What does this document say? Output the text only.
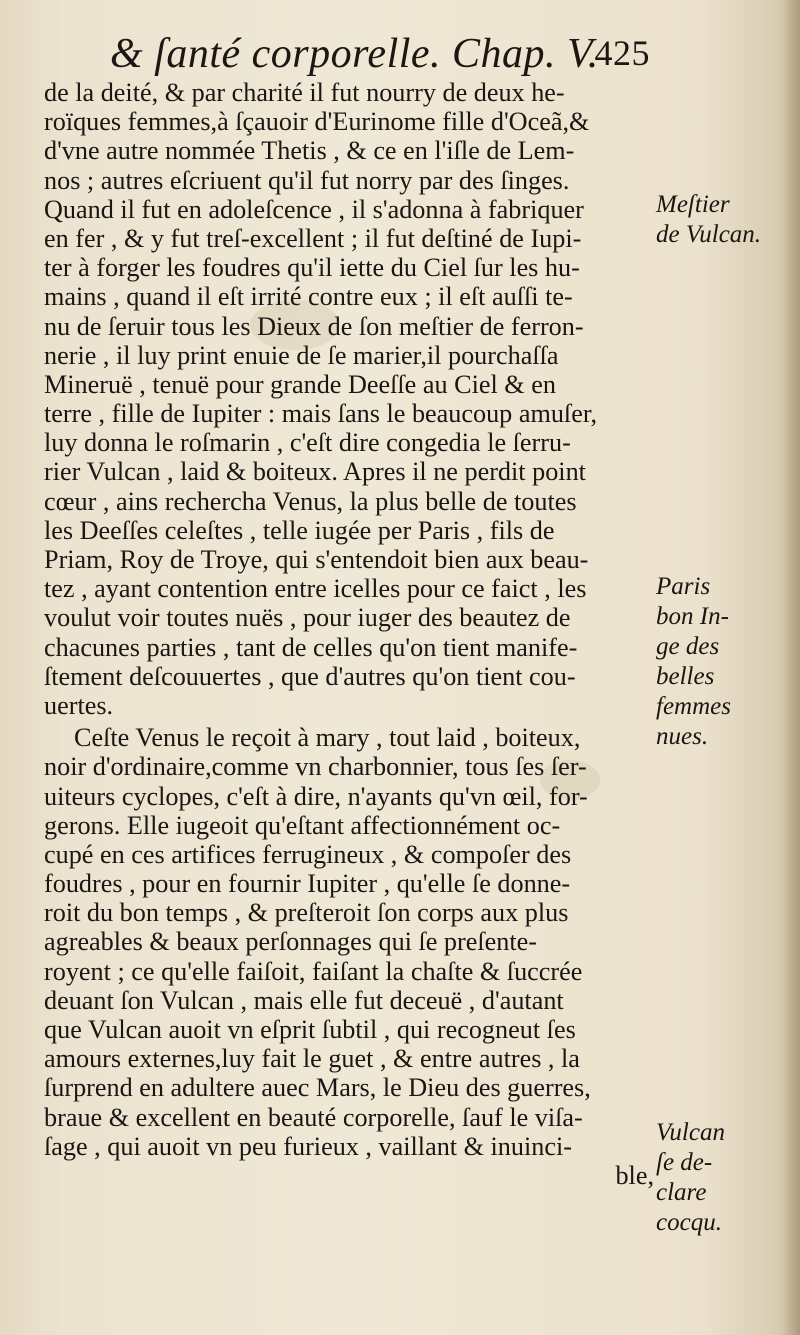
& ſanté corporelle. Chap. V.
425
de la deité, & par charité il fut nourry de deux he-
roïques femmes,à ſçauoir d'Eurinome fille d'Oceã,&
d'vne autre nommée Thetis , & ce en l'iſle de Lem-
nos ; autres eſcriuent qu'il fut norry par des ſinges.
Quand il fut en adoleſcence , il s'adonna à fabriquer
en fer , & y fut treſ-excellent ; il fut deſtiné de Iupi-
ter à forger les foudres qu'il iette du Ciel ſur les hu-
mains , quand il eſt irrité contre eux ; il eſt auſſi te-
nu de ſeruir tous les Dieux de ſon meſtier de ferron-
nerie , il luy print enuie de ſe marier,il pourchaſſa
Mineruë , tenuë pour grande Deeſſe au Ciel & en
terre , fille de Iupiter : mais ſans le beaucoup amuſer,
luy donna le roſmarin , c'eſt dire congedia le ſerru-
rier Vulcan , laid & boiteux. Apres il ne perdit point
cœur , ains rechercha Venus, la plus belle de toutes
les Deeſſes celeſtes , telle iugée per Paris , fils de
Priam, Roy de Troye, qui s'entendoit bien aux beau-
tez , ayant contention entre icelles pour ce faict , les
voulut voir toutes nuës , pour iuger des beautez de
chacunes parties , tant de celles qu'on tient manife-
ſtement deſcouuertes , que d'autres qu'on tient cou-
uertes.
Ceſte Venus le reçoit à mary , tout laid , boiteux,
noir d'ordinaire,comme vn charbonnier, tous ſes ſer-
uiteurs cyclopes, c'eſt à dire, n'ayants qu'vn œil, for-
gerons. Elle iugeoit qu'eſtant affectionnément oc-
cupé en ces artifices ferrugineux , & compoſer des
foudres , pour en fournir Iupiter , qu'elle ſe donne-
roit du bon temps , & preſteroit ſon corps aux plus
agreables & beaux perſonnages qui ſe preſente-
royent ; ce qu'elle faiſoit, faiſant la chaſte & ſuccrée
deuant ſon Vulcan , mais elle fut deceuë , d'autant
que Vulcan auoit vn eſprit ſubtil , qui recogneut ſes
amours externes,luy fait le guet , & entre autres , la
ſurprend en adultere auec Mars, le Dieu des guerres,
braue & excellent en beauté corporelle, ſauf le viſa-
ſage , qui auoit vn peu furieux , vaillant & inuinci-
ble,
Meſtier
de Vulcan.
Paris
bon In-
ge des
belles
femmes
nues.
Vulcan
ſe de-
clare
cocqu.
